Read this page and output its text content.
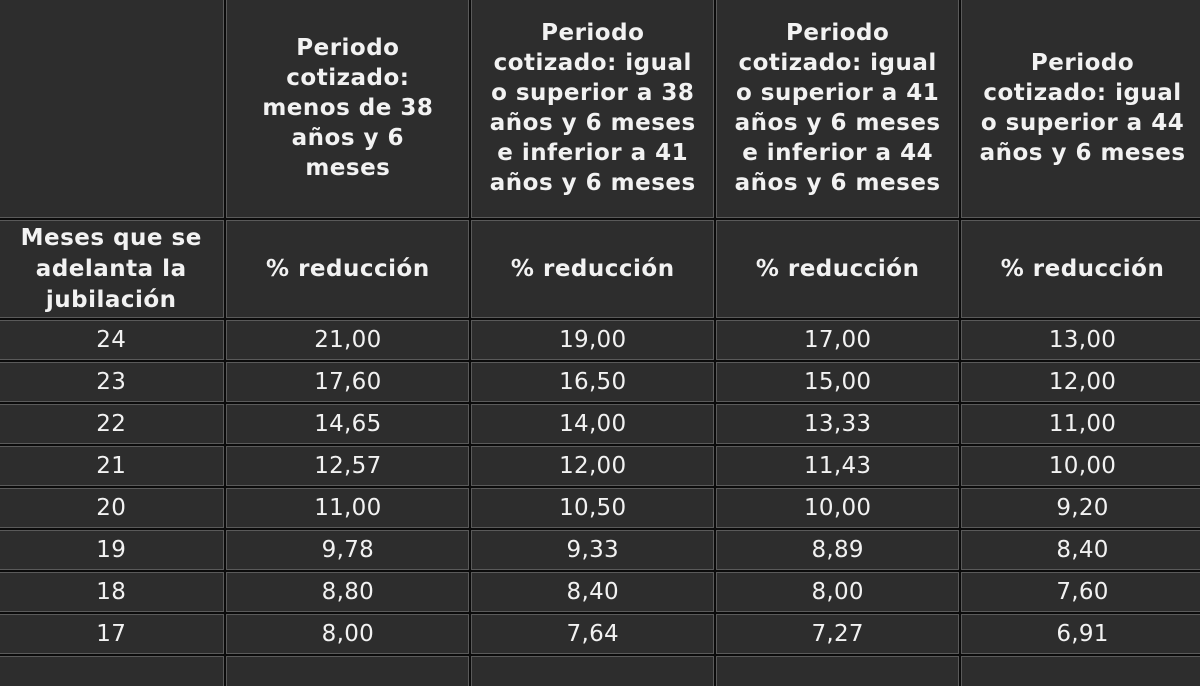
	Periodo cotizado: menos de 38 años y 6 meses	Periodo cotizado: igual o superior a 38 años y 6 meses e inferior a 41 años y 6 meses	Periodo cotizado: igual o superior a 41 años y 6 meses e inferior a 44 años y 6 meses	Periodo cotizado: igual o superior a 44 años y 6 meses
Meses que se adelanta la jubilación	% reducción	% reducción	% reducción	% reducción
24	21,00	19,00	17,00	13,00
23	17,60	16,50	15,00	12,00
22	14,65	14,00	13,33	11,00
21	12,57	12,00	11,43	10,00
20	11,00	10,50	10,00	9,20
19	9,78	9,33	8,89	8,40
18	8,80	8,40	8,00	7,60
17	8,00	7,64	7,27	6,91
